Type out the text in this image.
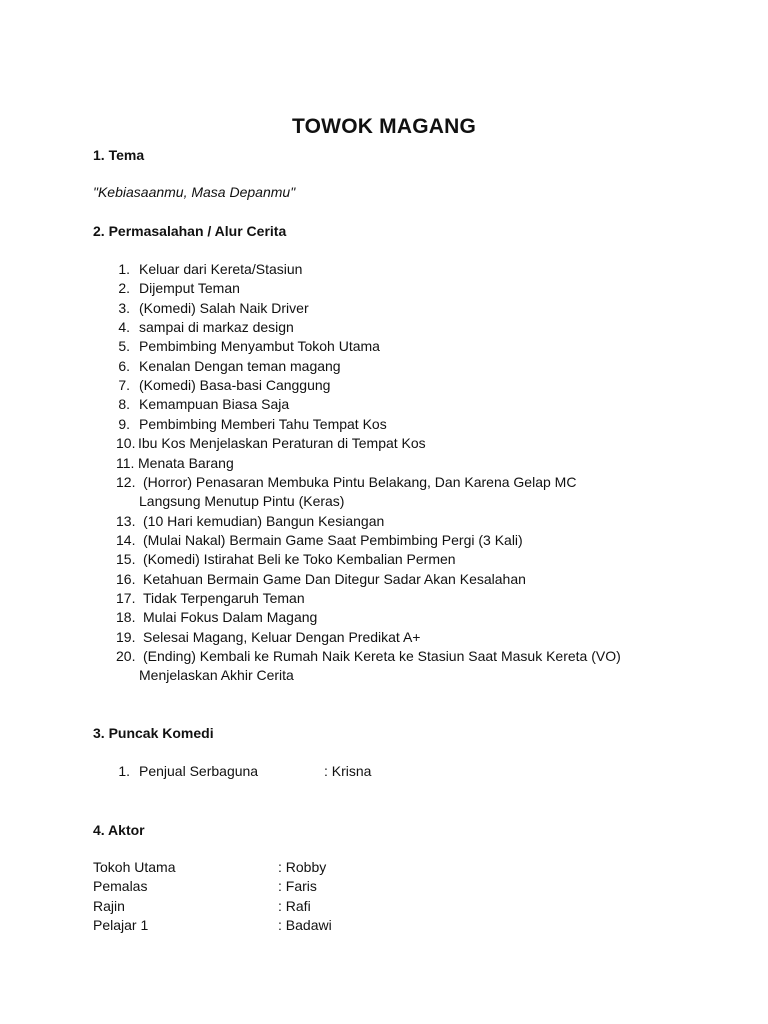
TOWOK MAGANG
1. Tema
"Kebiasaanmu, Masa Depanmu"
2. Permasalahan / Alur Cerita
1. Keluar dari Kereta/Stasiun
2. Dijemput Teman
3. (Komedi) Salah Naik Driver
4. sampai di markaz design
5. Pembimbing Menyambut Tokoh Utama
6. Kenalan Dengan teman magang
7. (Komedi) Basa-basi Canggung
8. Kemampuan Biasa Saja
9. Pembimbing Memberi Tahu Tempat Kos
10. Ibu Kos Menjelaskan Peraturan di Tempat Kos
11. Menata Barang
12. (Horror) Penasaran Membuka Pintu Belakang, Dan Karena Gelap MC
Langsung Menutup Pintu (Keras)
13. (10 Hari kemudian) Bangun Kesiangan
14. (Mulai Nakal) Bermain Game Saat Pembimbing Pergi (3 Kali)
15. (Komedi) Istirahat Beli ke Toko Kembalian Permen
16. Ketahuan Bermain Game Dan Ditegur Sadar Akan Kesalahan
17. Tidak Terpengaruh Teman
18. Mulai Fokus Dalam Magang
19. Selesai Magang, Keluar Dengan Predikat A+
20. (Ending) Kembali ke Rumah Naik Kereta ke Stasiun Saat Masuk Kereta (VO)
Menjelaskan Akhir Cerita
3. Puncak Komedi
1. Penjual Serbaguna	: Krisna
4. Aktor
Tokoh Utama	: Robby
Pemalas	: Faris
Rajin	: Rafi
Pelajar 1	: Badawi
